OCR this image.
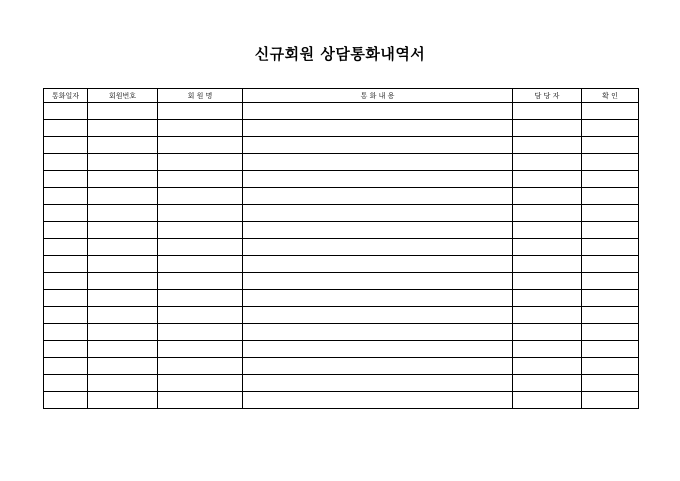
신규회원 상담통화내역서
통화일자	회원번호	회 원 명	통 화 내 용	담 당 자	확 인
